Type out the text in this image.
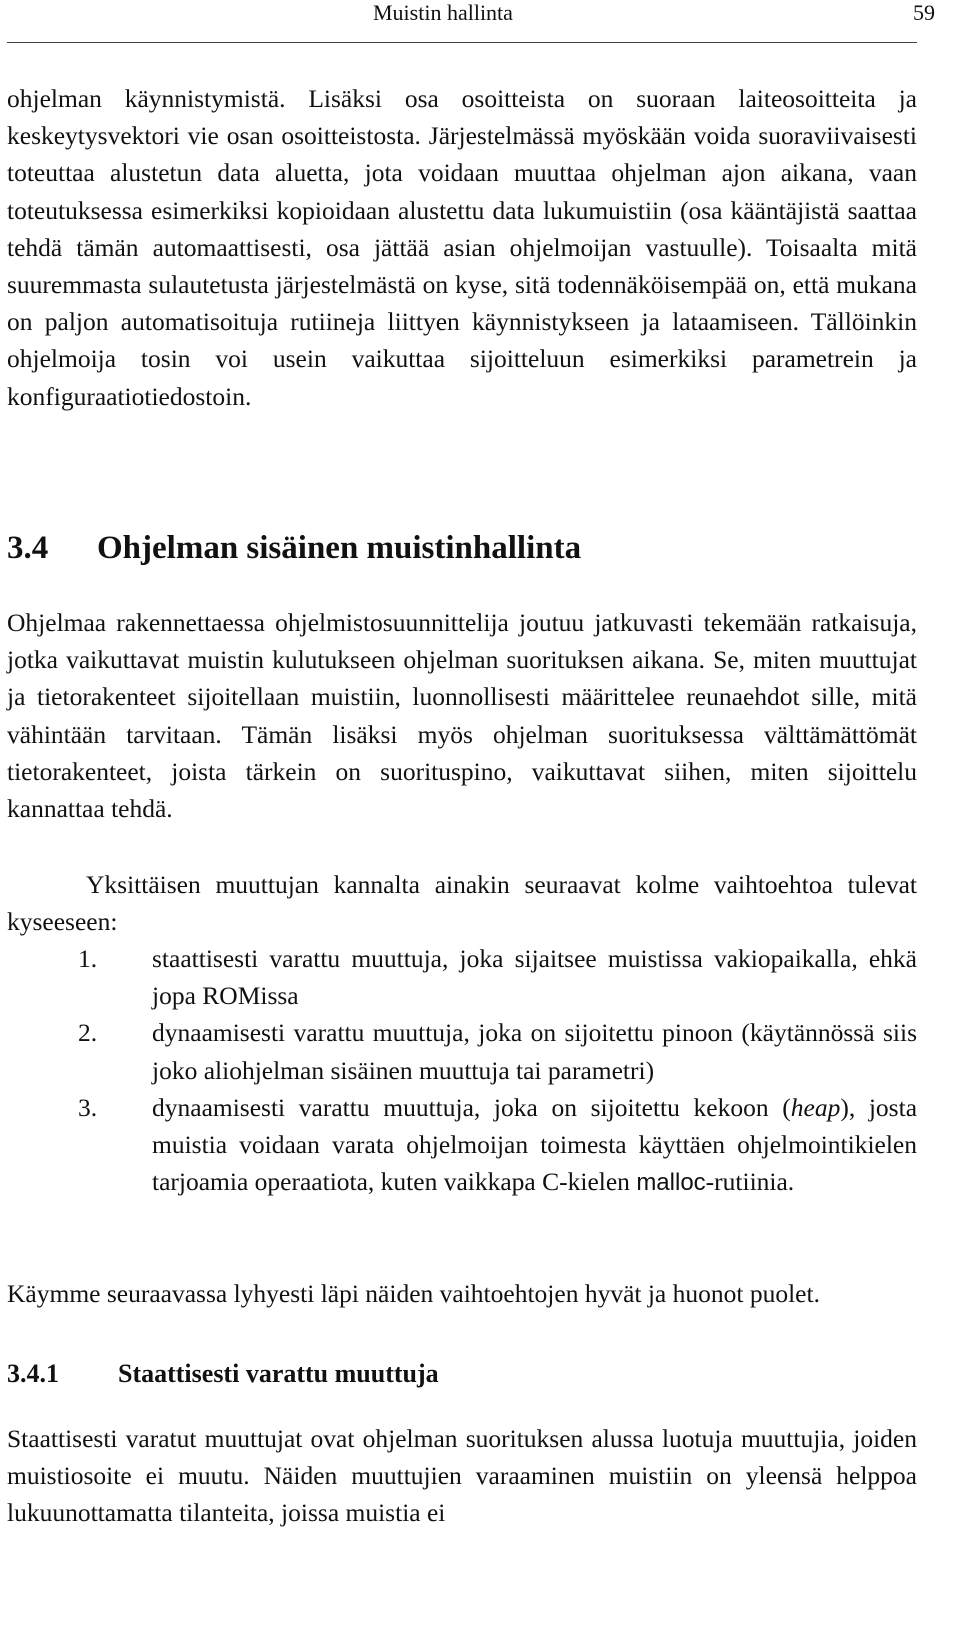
Muistin hallinta	59

ohjelman käynnistymistä. Lisäksi osa osoitteista on suoraan laiteosoitteita ja keskeytysvektori vie osan osoitteistosta. Järjestelmässä myöskään voida suoraviivaisesti toteuttaa alustetun data aluetta, jota voidaan muuttaa ohjelman ajon aikana, vaan toteutuksessa esimerkiksi kopioidaan alustettu data lukumuistiin (osa kääntäjistä saattaa tehdä tämän automaattisesti, osa jättää asian ohjelmoijan vastuulle). Toisaalta mitä suuremmasta sulautetusta järjestelmästä on kyse, sitä todennäköisempää on, että mukana on paljon automatisoituja rutiineja liittyen käynnistykseen ja lataamiseen. Tällöinkin ohjelmoija tosin voi usein vaikuttaa sijoitteluun esimerkiksi parametrein ja konfiguraatiotiedostoin.

3.4 Ohjelman sisäinen muistinhallinta

Ohjelmaa rakennettaessa ohjelmistosuunnittelija joutuu jatkuvasti tekemään ratkaisuja, jotka vaikuttavat muistin kulutukseen ohjelman suorituksen aikana. Se, miten muuttujat ja tietorakenteet sijoitellaan muistiin, luonnollisesti määrittelee reunaehdot sille, mitä vähintään tarvitaan. Tämän lisäksi myös ohjelman suorituksessa välttämättömät tietorakenteet, joista tärkein on suorituspino, vaikuttavat siihen, miten sijoittelu kannattaa tehdä.

Yksittäisen muuttujan kannalta ainakin seuraavat kolme vaihtoehtoa tulevat kyseeseen:

1. staattisesti varattu muuttuja, joka sijaitsee muistissa vakiopaikalla, ehkä jopa ROMissa
2. dynaamisesti varattu muuttuja, joka on sijoitettu pinoon (käytännössä siis joko aliohjelman sisäinen muuttuja tai parametri)
3. dynaamisesti varattu muuttuja, joka on sijoitettu kekoon (heap), josta muistia voidaan varata ohjelmoijan toimesta käyttäen ohjelmointikielen tarjoamia operaatiota, kuten vaikkapa C-kielen malloc-rutiinia.

Käymme seuraavassa lyhyesti läpi näiden vaihtoehtojen hyvät ja huonot puolet.

3.4.1 Staattisesti varattu muuttuja

Staattisesti varatut muuttujat ovat ohjelman suorituksen alussa luotuja muuttujia, joiden muistiosoite ei muutu. Näiden muuttujien varaaminen muistiin on yleensä helppoa lukuunottamatta tilanteita, joissa muistia ei
